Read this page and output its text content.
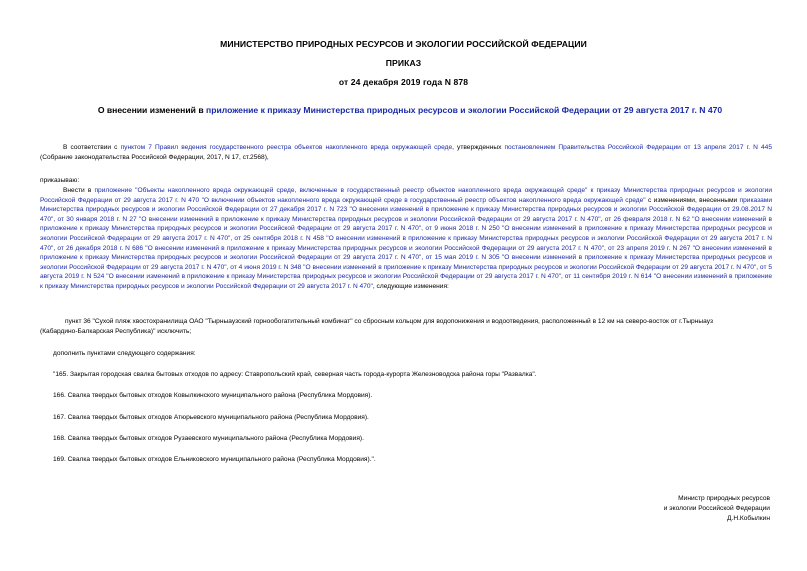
МИНИСТЕРСТВО ПРИРОДНЫХ РЕСУРСОВ И ЭКОЛОГИИ РОССИЙСКОЙ ФЕДЕРАЦИИ
ПРИКАЗ
от 24 декабря 2019 года N 878
О внесении изменений в приложение к приказу Министерства природных ресурсов и экологии Российской Федерации от 29 августа 2017 г. N 470
В соответствии с пунктом 7 Правил ведения государственного реестра объектов накопленного вреда окружающей среде, утвержденных постановлением Правительства Российской Федерации от 13 апреля 2017 г. N 445 (Собрание законодательства Российской Федерации, 2017, N 17, ст.2568),
приказываю:
Внести в приложение "Объекты накопленного вреда окружающей среде, включенные в государственный реестр объектов накопленного вреда окружающей среде" к приказу Министерства природных ресурсов и экологии Российской Федерации от 29 августа 2017 г. N 470 "О включении объектов накопленного вреда окружающей среде в государственный реестр объектов накопленного вреда окружающей среде" с изменениями, внесенными приказами Министерства природных ресурсов и экологии Российской Федерации от 27 декабря 2017 г. N 723 "О внесении изменений в приложение к приказу Министерства природных ресурсов и экологии Российской Федерации от 29.08.2017 N 470", от 30 января 2018 г. N 27 "О внесении изменений в приложение к приказу Министерства природных ресурсов и экологии Российской Федерации от 29 августа 2017 г. N 470", от 26 февраля 2018 г. N 62 "О внесении изменений в приложение к приказу Министерства природных ресурсов и экологии Российской Федерации от 29 августа 2017 г. N 470", от 9 июня 2018 г. N 250 "О внесении изменений в приложение к приказу Министерства природных ресурсов и экологии Российской Федерации от 29 августа 2017 г. N 470", от 25 сентября 2018 г. N 458 "О внесении изменений в приложение к приказу Министерства природных ресурсов и экологии Российской Федерации от 29 августа 2017 г. N 470", от 26 декабря 2018 г. N 686 "О внесении изменений в приложение к приказу Министерства природных ресурсов и экологии Российской Федерации от 29 августа 2017 г. N 470", от 23 апреля 2019 г. N 267 "О внесении изменений в приложение к приказу Министерства природных ресурсов и экологии Российской Федерации от 29 августа 2017 г. N 470", от 15 мая 2019 г. N 305 "О внесении изменений в приложение к приказу Министерства природных ресурсов и экологии Российской Федерации от 29 августа 2017 г. N 470", от 4 июня 2019 г. N 348 "О внесении изменений в приложение к приказу Министерства природных ресурсов и экологии Российской Федерации от 29 августа 2017 г. N 470", от 5 августа 2019 г. N 524 "О внесении изменений в приложение к приказу Министерства природных ресурсов и экологии Российской Федерации от 29 августа 2017 г. N 470", от 11 сентября 2019 г. N 614 "О внесении изменений в приложение к приказу Министерства природных ресурсов и экологии Российской Федерации от 29 августа 2017 г. N 470", следующие изменения:
пункт 36 "Сухой пляж хвостохранилища ОАО "Тырныаузский горнообогатительный комбинат" со сбросным кольцом для водопонижения и водоотведения, расположенный в 12 км на северо-восток от г.Тырныауз
(Кабардино-Балкарская Республика)" исключить;
дополнить пунктами следующего содержания:
"165. Закрытая городская свалка бытовых отходов по адресу: Ставропольский край, северная часть города-курорта Железноводска района горы "Развалка".
166. Свалка твердых бытовых отходов Ковылкинского муниципального района (Республика Мордовия).
167. Свалка твердых бытовых отходов Атюрьевского муниципального района (Республика Мордовия).
168. Свалка твердых бытовых отходов Рузаевского муниципального района (Республика Мордовия).
169. Свалка твердых бытовых отходов Ельниковского муниципального района (Республика Мордовия).".
Министр природных ресурсов
и экологии Российской Федерации
Д.Н.Кобылкин
